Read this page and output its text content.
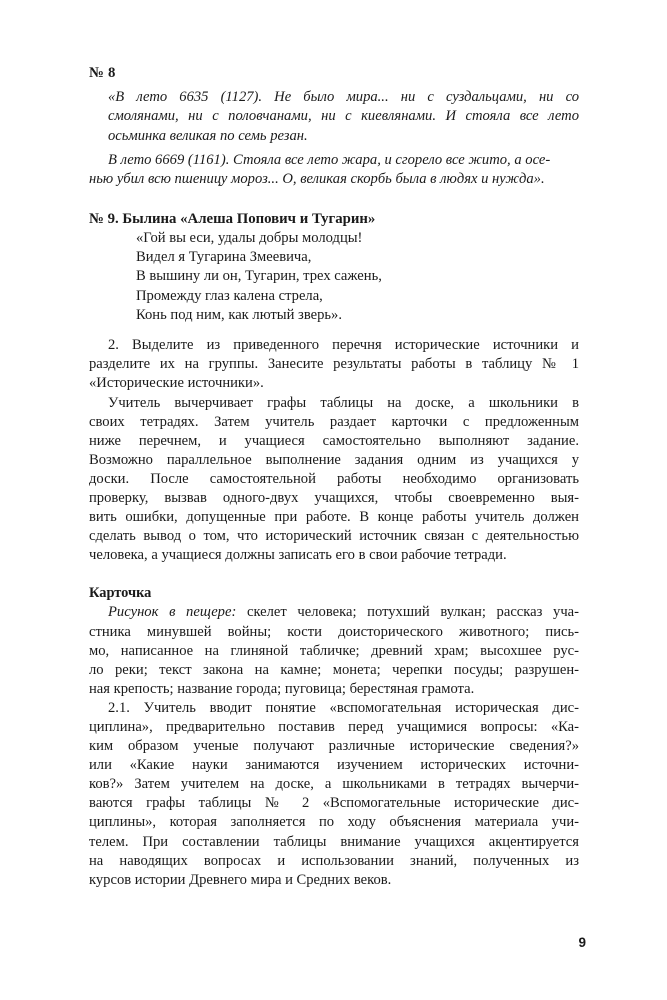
№ 8
«В лето 6635 (1127). Не было мира... ни с суздальцами, ни со
смолянами, ни с половчанами, ни с киевлянами. И стояла все лето
осьминка великая по семь резан.
В лето 6669 (1161). Стояла все лето жара, и сгорело все жито, а осе-
нью убил всю пшеницу мороз... О, великая скорбь была в людях и нужда».
№ 9. Былина «Алеша Попович и Тугарин»
«Гой вы еси, удалы добры молодцы!
Видел я Тугарина Змеевича,
В вышину ли он, Тугарин, трех сажень,
Промежду глаз калена стрела,
Конь под ним, как лютый зверь».
2. Выделите из приведенного перечня исторические источники и
разделите их на группы. Занесите результаты работы в таблицу № 1
«Исторические источники».
Учитель вычерчивает графы таблицы на доске, а школьники в
своих тетрадях. Затем учитель раздает карточки с предложенным
ниже перечнем, и учащиеся самостоятельно выполняют задание.
Возможно параллельное выполнение задания одним из учащихся у
доски. После самостоятельной работы необходимо организовать
проверку, вызвав одного-двух учащихся, чтобы своевременно выя-
вить ошибки, допущенные при работе. В конце работы учитель должен
сделать вывод о том, что исторический источник связан с деятельностью
человека, а учащиеся должны записать его в свои рабочие тетради.
Карточка
Рисунок в пещере: скелет человека; потухший вулкан; рассказ уча-
стника минувшей войны; кости доисторического животного; пись-
мо, написанное на глиняной табличке; древний храм; высохшее рус-
ло реки; текст закона на камне; монета; черепки посуды; разрушен-
ная крепость; название города; пуговица; берестяная грамота.
2.1. Учитель вводит понятие «вспомогательная историческая дис-
циплина», предварительно поставив перед учащимися вопросы: «Ка-
ким образом ученые получают различные исторические сведения?»
или «Какие науки занимаются изучением исторических источни-
ков?» Затем учителем на доске, а школьниками в тетрадях вычерчи-
ваются графы таблицы № 2 «Вспомогательные исторические дис-
циплины», которая заполняется по ходу объяснения материала учи-
телем. При составлении таблицы внимание учащихся акцентируется
на наводящих вопросах и использовании знаний, полученных из
курсов истории Древнего мира и Средних веков.
9
